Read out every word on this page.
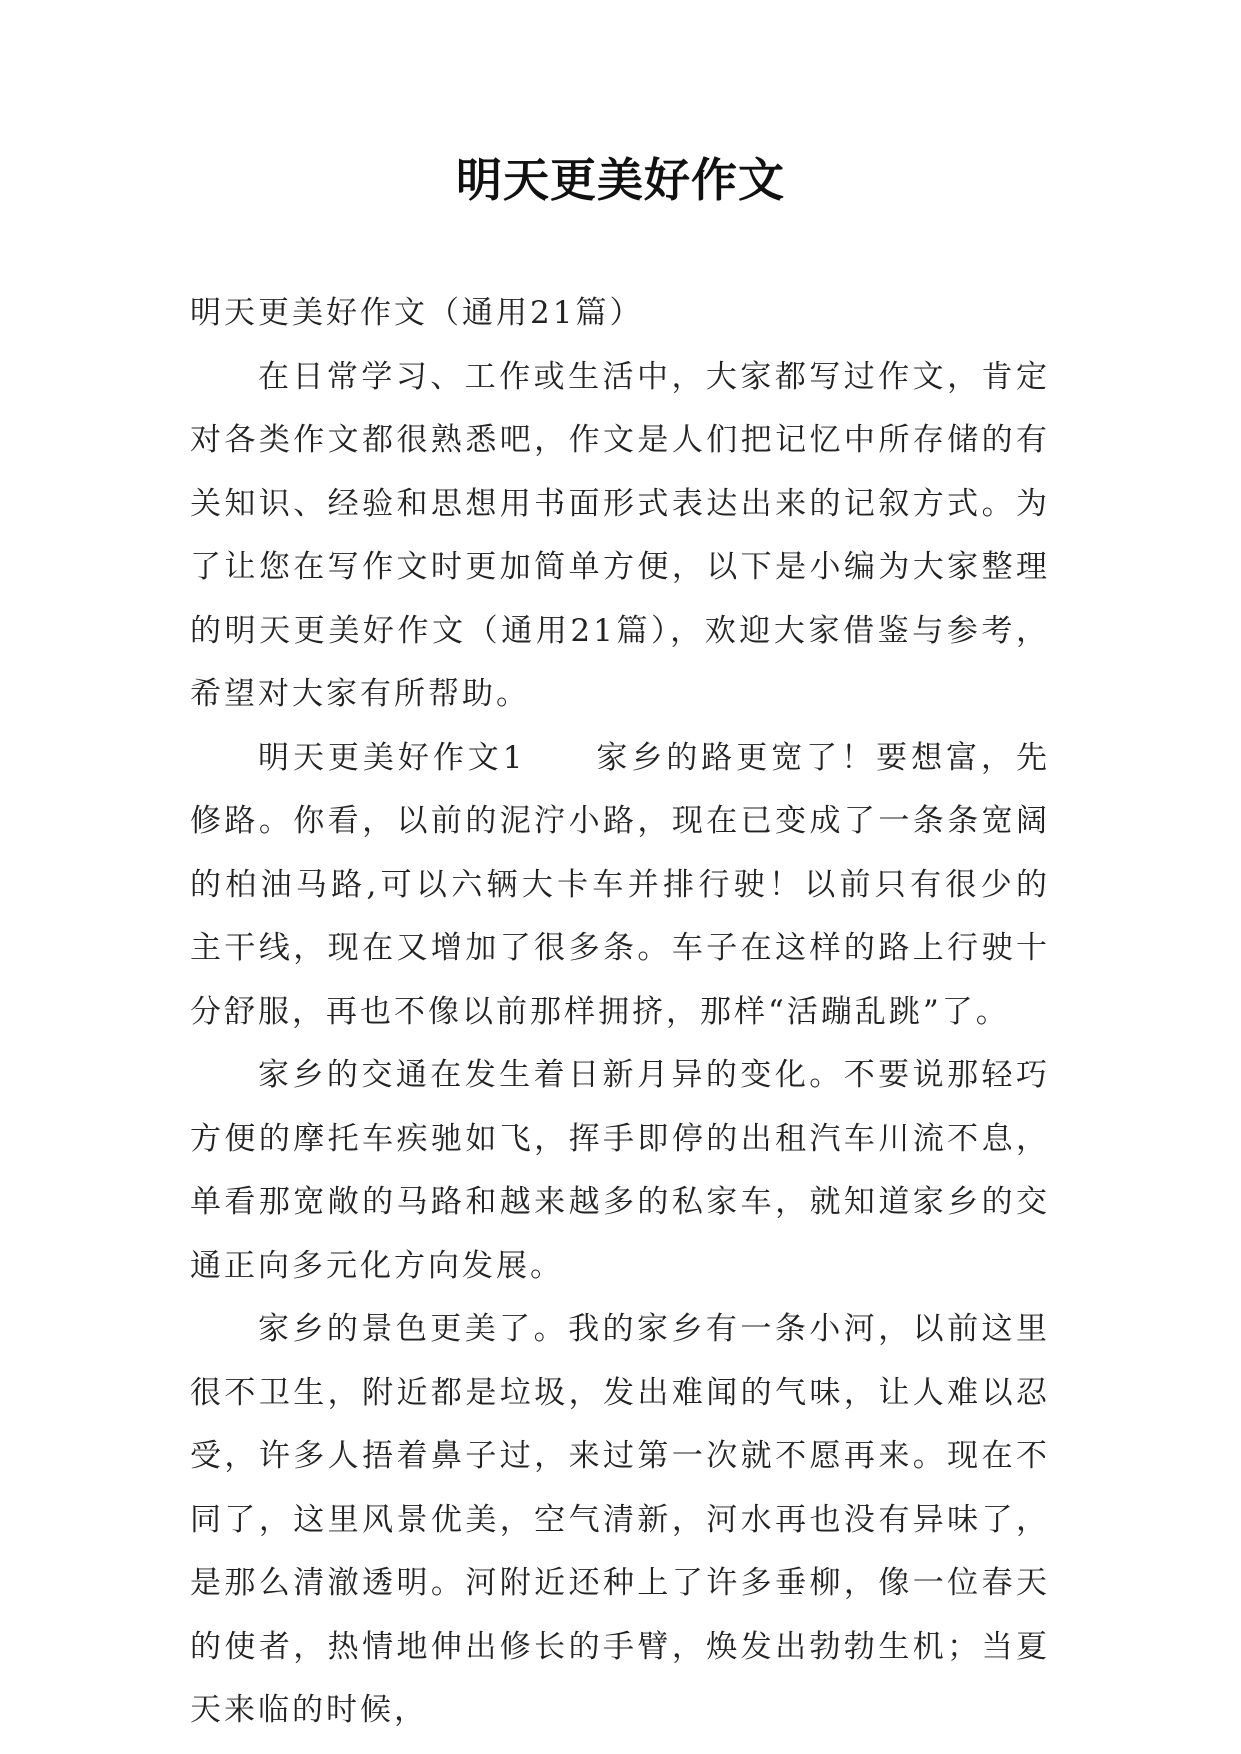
明天更美好作文

明天更美好作文（通用21篇）

在日常学习、工作或生活中，大家都写过作文，肯定对各类作文都很熟悉吧，作文是人们把记忆中所存储的有关知识、经验和思想用书面形式表达出来的记叙方式。为了让您在写作文时更加简单方便，以下是小编为大家整理的明天更美好作文（通用21篇），欢迎大家借鉴与参考，希望对大家有所帮助。

明天更美好作文1　　家乡的路更宽了！要想富，先修路。你看，以前的泥泞小路，现在已变成了一条条宽阔的柏油马路,可以六辆大卡车并排行驶！以前只有很少的主干线，现在又增加了很多条。车子在这样的路上行驶十分舒服，再也不像以前那样拥挤，那样“活蹦乱跳”了。

家乡的交通在发生着日新月异的变化。不要说那轻巧方便的摩托车疾驰如飞，挥手即停的出租汽车川流不息，单看那宽敞的马路和越来越多的私家车，就知道家乡的交通正向多元化方向发展。

家乡的景色更美了。我的家乡有一条小河，以前这里很不卫生，附近都是垃圾，发出难闻的气味，让人难以忍受，许多人捂着鼻子过，来过第一次就不愿再来。现在不同了，这里风景优美，空气清新，河水再也没有异味了，是那么清澈透明。河附近还种上了许多垂柳，像一位春天的使者，热情地伸出修长的手臂，焕发出勃勃生机；当夏天来临的时候，
